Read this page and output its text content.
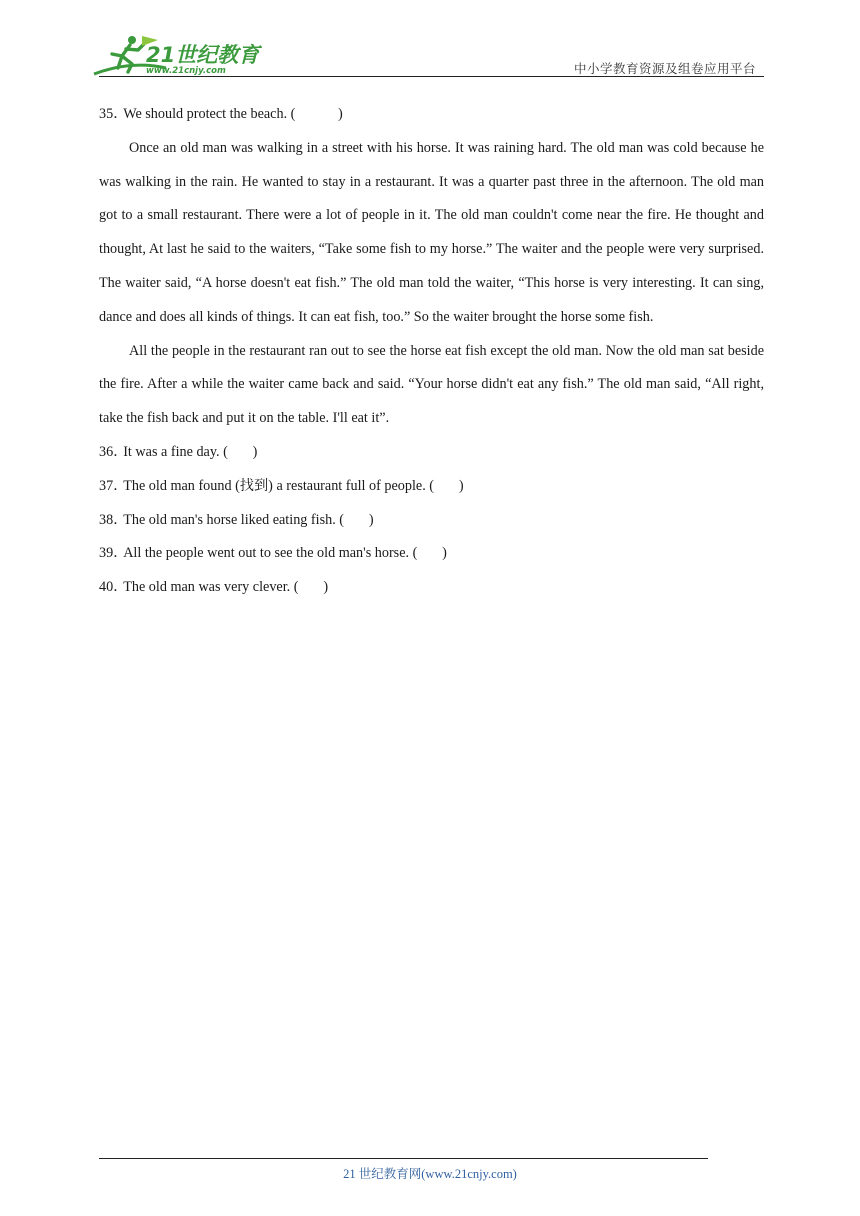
21世纪教育
www.21cnjy.com	中小学教育资源及组卷应用平台
35 ．
We should protect the beach. (            )

Once an old man was walking in a street with his horse. It was raining hard. The old man was cold because he was walking in the rain. He wanted to stay in a restaurant. It was a quarter past three in the afternoon. The old man got to a small restaurant. There were a lot of people in it. The old man couldn't come near the fire. He thought and thought, At last he said to the waiters, “Take some fish to my horse.” The waiter and the people were very surprised. The waiter said, “A horse doesn't eat fish.” The old man told the waiter, “This horse is very interesting. It can sing, dance and does all kinds of things. It can eat fish, too.” So the waiter brought the horse some fish.

All the people in the restaurant ran out to see the horse eat fish except the old man. Now the old man sat beside the fire. After a while the waiter came back and said. “Your horse didn't eat any fish.” The old man said, “All right, take the fish back and put it on the table. I'll eat it”.

36 ．
It was a fine day. (       )
37 ．
The old man found (找到) a restaurant full of people. (       )
38 ．
The old man's horse liked eating fish. (       )
39 ．
All the people went out to see the old man's horse. (       )
40 ．
The old man was very clever. (       )
21 世纪教育网(www.21cnjy.com)
